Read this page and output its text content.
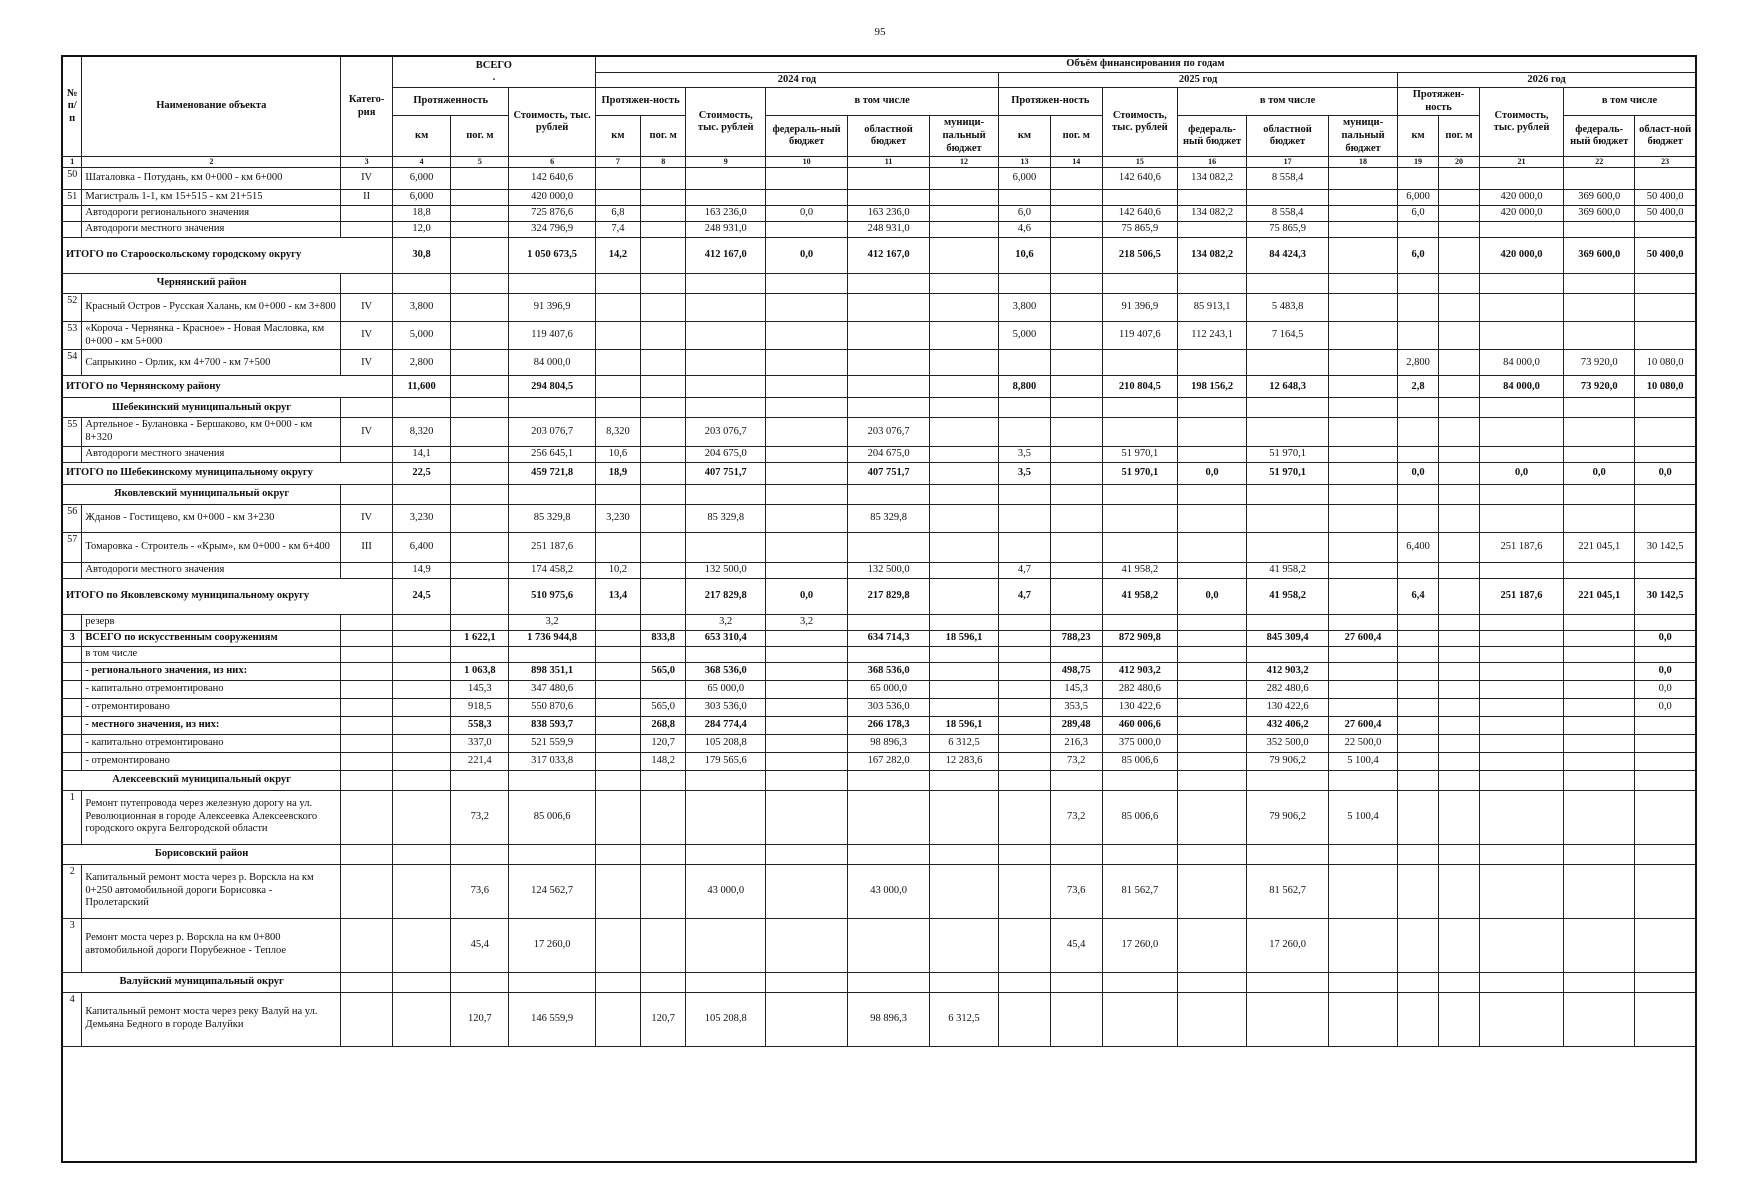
95
№ п/п	Наименование объекта	Катего-рия	ВСЕГО
.			Объём финансирования по годам																
						2024 год						2025 год						2026 год				
			Протяженность		Стоимость, тыс. рублей	Протяжен-ность		Стоимость, тыс. рублей	в том числе			Протяжен-ность		Стоимость, тыс. рублей	в том числе			Протяжен-ность		Стоимость, тыс. рублей	в том числе	
			км	пог. м		км	пог. м		федераль-ный бюджет	областной бюджет	муници-пальный бюджет	км	пог. м		федераль-ный бюджет	областной бюджет	муници-пальный бюджет	км	пог. м		федераль-ный бюджет	област-ной бюджет
1	2	3	4	5	6	7	8	9	10	11	12	13	14	15	16	17	18	19	20	21	22	23
50	Шаталовка - Потудань, км 0+000 - км 6+000	IV	6,000		142 640,6							6,000		142 640,6	134 082,2	8 558,4						
51	Магистраль 1-1, км 15+515 - км 21+515	II	6,000		420 000,0													6,000		420 000,0	369 600,0	50 400,0
	Автодороги регионального значения		18,8		725 876,6	6,8		163 236,0	0,0	163 236,0		6,0		142 640,6	134 082,2	8 558,4		6,0		420 000,0	369 600,0	50 400,0
	Автодороги местного значения		12,0		324 796,9	7,4		248 931,0		248 931,0		4,6		75 865,9		75 865,9						
ИТОГО по Старооскольскому городскому округу			30,8		1 050 673,5	14,2		412 167,0	0,0	412 167,0		10,6		218 506,5	134 082,2	84 424,3		6,0		420 000,0	369 600,0	50 400,0
Чернянский район																						
52	Красный Остров - Русская Халань, км 0+000 - км 3+800	IV	3,800		91 396,9							3,800		91 396,9	85 913,1	5 483,8						
53	«Короча - Чернянка - Красное» - Новая Масловка, км 0+000 - км 5+000	IV	5,000		119 407,6							5,000		119 407,6	112 243,1	7 164,5						
54	Сапрыкино - Орлик, км 4+700 - км 7+500	IV	2,800		84 000,0													2,800		84 000,0	73 920,0	10 080,0
ИТОГО по Чернянскому району			11,600		294 804,5							8,800		210 804,5	198 156,2	12 648,3		2,8		84 000,0	73 920,0	10 080,0
Шебекинский муниципальный округ																						
55	Артельное - Булановка - Бершаково, км 0+000 - км 8+320	IV	8,320		203 076,7	8,320		203 076,7		203 076,7												
	Автодороги местного значения		14,1		256 645,1	10,6		204 675,0		204 675,0		3,5		51 970,1		51 970,1						
ИТОГО по Шебекинскому муниципальному округу			22,5		459 721,8	18,9		407 751,7		407 751,7		3,5		51 970,1	0,0	51 970,1		0,0		0,0	0,0	0,0
Яковлевский муниципальный округ																						
56	Жданов - Гостищево, км 0+000 - км 3+230	IV	3,230		85 329,8	3,230		85 329,8		85 329,8												
57	Томаровка - Строитель - «Крым», км 0+000 - км 6+400	III	6,400		251 187,6													6,400		251 187,6	221 045,1	30 142,5
	Автодороги местного значения		14,9		174 458,2	10,2		132 500,0		132 500,0		4,7		41 958,2		41 958,2						
ИТОГО по Яковлевскому муниципальному округу			24,5		510 975,6	13,4		217 829,8	0,0	217 829,8		4,7		41 958,2	0,0	41 958,2		6,4		251 187,6	221 045,1	30 142,5
	резерв				3,2			3,2	3,2													
3	ВСЕГО по искусственным сооружениям			1 622,1	1 736 944,8		833,8	653 310,4		634 714,3	18 596,1		788,23	872 909,8		845 309,4	27 600,4					0,0
	в том числе																					
	- регионального значения, из них:			1 063,8	898 351,1		565,0	368 536,0		368 536,0			498,75	412 903,2		412 903,2						0,0
	- капитально отремонтировано			145,3	347 480,6			65 000,0		65 000,0			145,3	282 480,6		282 480,6						0,0
	- отремонтировано			918,5	550 870,6		565,0	303 536,0		303 536,0			353,5	130 422,6		130 422,6						0,0
	- местного значения, из них:			558,3	838 593,7		268,8	284 774,4		266 178,3	18 596,1		289,48	460 006,6		432 406,2	27 600,4					
	- капитально отремонтировано			337,0	521 559,9		120,7	105 208,8		98 896,3	6 312,5		216,3	375 000,0		352 500,0	22 500,0					
	- отремонтировано			221,4	317 033,8		148,2	179 565,6		167 282,0	12 283,6		73,2	85 006,6		79 906,2	5 100,4					
Алексеевский муниципальный округ																						
1	Ремонт путепровода через железную дорогу на ул. Революционная в городе Алексеевка Алексеевского городского округа Белгородской области			73,2	85 006,6								73,2	85 006,6		79 906,2	5 100,4					
Борисовский район																						
2	Капитальный ремонт моста через р. Ворскла на км 0+250 автомобильной дороги Борисовка - Пролетарский			73,6	124 562,7			43 000,0		43 000,0			73,6	81 562,7		81 562,7						
3	Ремонт моста через р. Ворскла на км 0+800 автомобильной дороги Порубежное - Теплое			45,4	17 260,0								45,4	17 260,0		17 260,0						
Валуйский муниципальный округ																						
4	Капитальный ремонт моста через реку Валуй на ул. Демьяна Бедного в городе Валуйки			120,7	146 559,9		120,7	105 208,8		98 896,3	6 312,5											
